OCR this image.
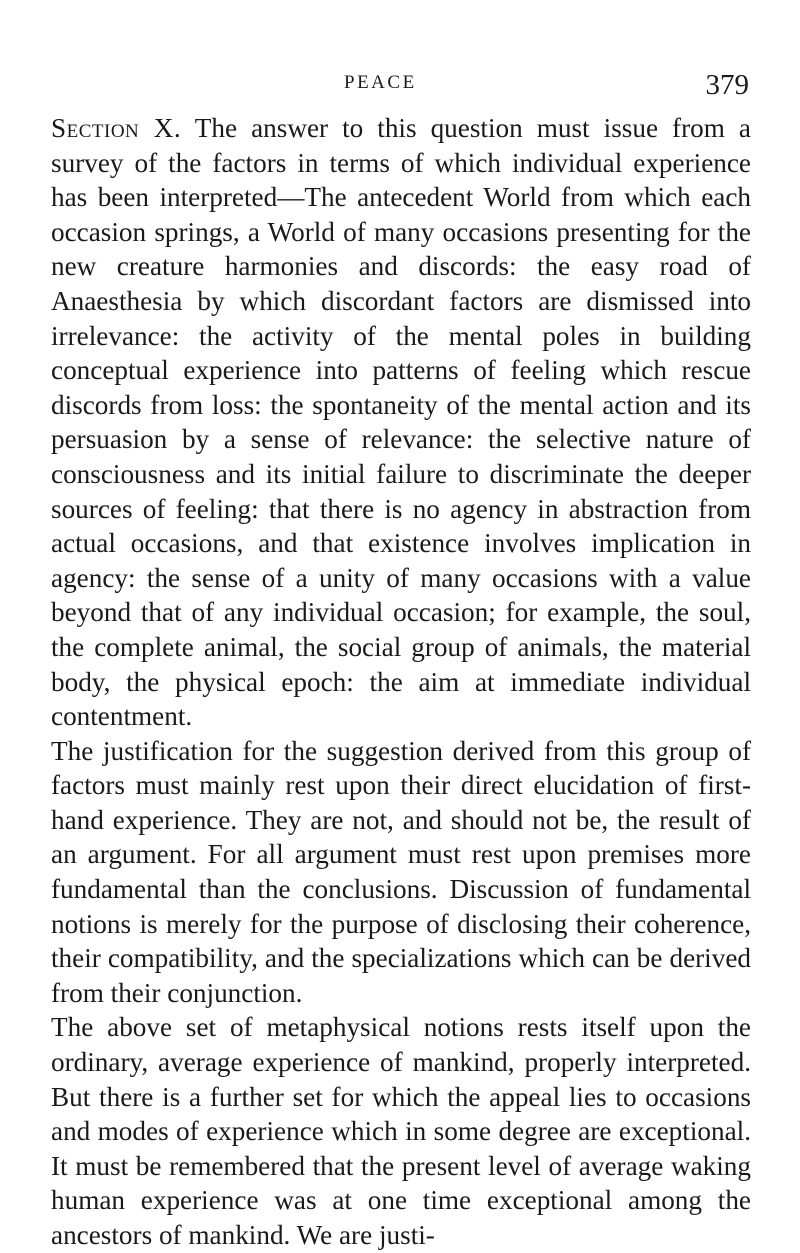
PEACE	379

Section X. The answer to this question must issue from a survey of the factors in terms of which individual experience has been interpreted—The antecedent World from which each occasion springs, a World of many occasions presenting for the new creature harmonies and discords: the easy road of Anaesthesia by which discordant factors are dismissed into irrelevance: the activity of the mental poles in building conceptual experience into patterns of feeling which rescue discords from loss: the spontaneity of the mental action and its persuasion by a sense of relevance: the selective nature of consciousness and its initial failure to discriminate the deeper sources of feeling: that there is no agency in abstraction from actual occasions, and that existence involves implication in agency: the sense of a unity of many occasions with a value beyond that of any individual occasion; for example, the soul, the complete animal, the social group of animals, the material body, the physical epoch: the aim at immediate individual contentment.

The justification for the suggestion derived from this group of factors must mainly rest upon their direct elucidation of first-hand experience. They are not, and should not be, the result of an argument. For all argument must rest upon premises more fundamental than the conclusions. Discussion of fundamental notions is merely for the purpose of disclosing their coherence, their compatibility, and the specializations which can be derived from their conjunction.

The above set of metaphysical notions rests itself upon the ordinary, average experience of mankind, properly interpreted. But there is a further set for which the appeal lies to occasions and modes of experience which in some degree are exceptional. It must be remembered that the present level of average waking human experience was at one time exceptional among the ancestors of mankind. We are justi-
